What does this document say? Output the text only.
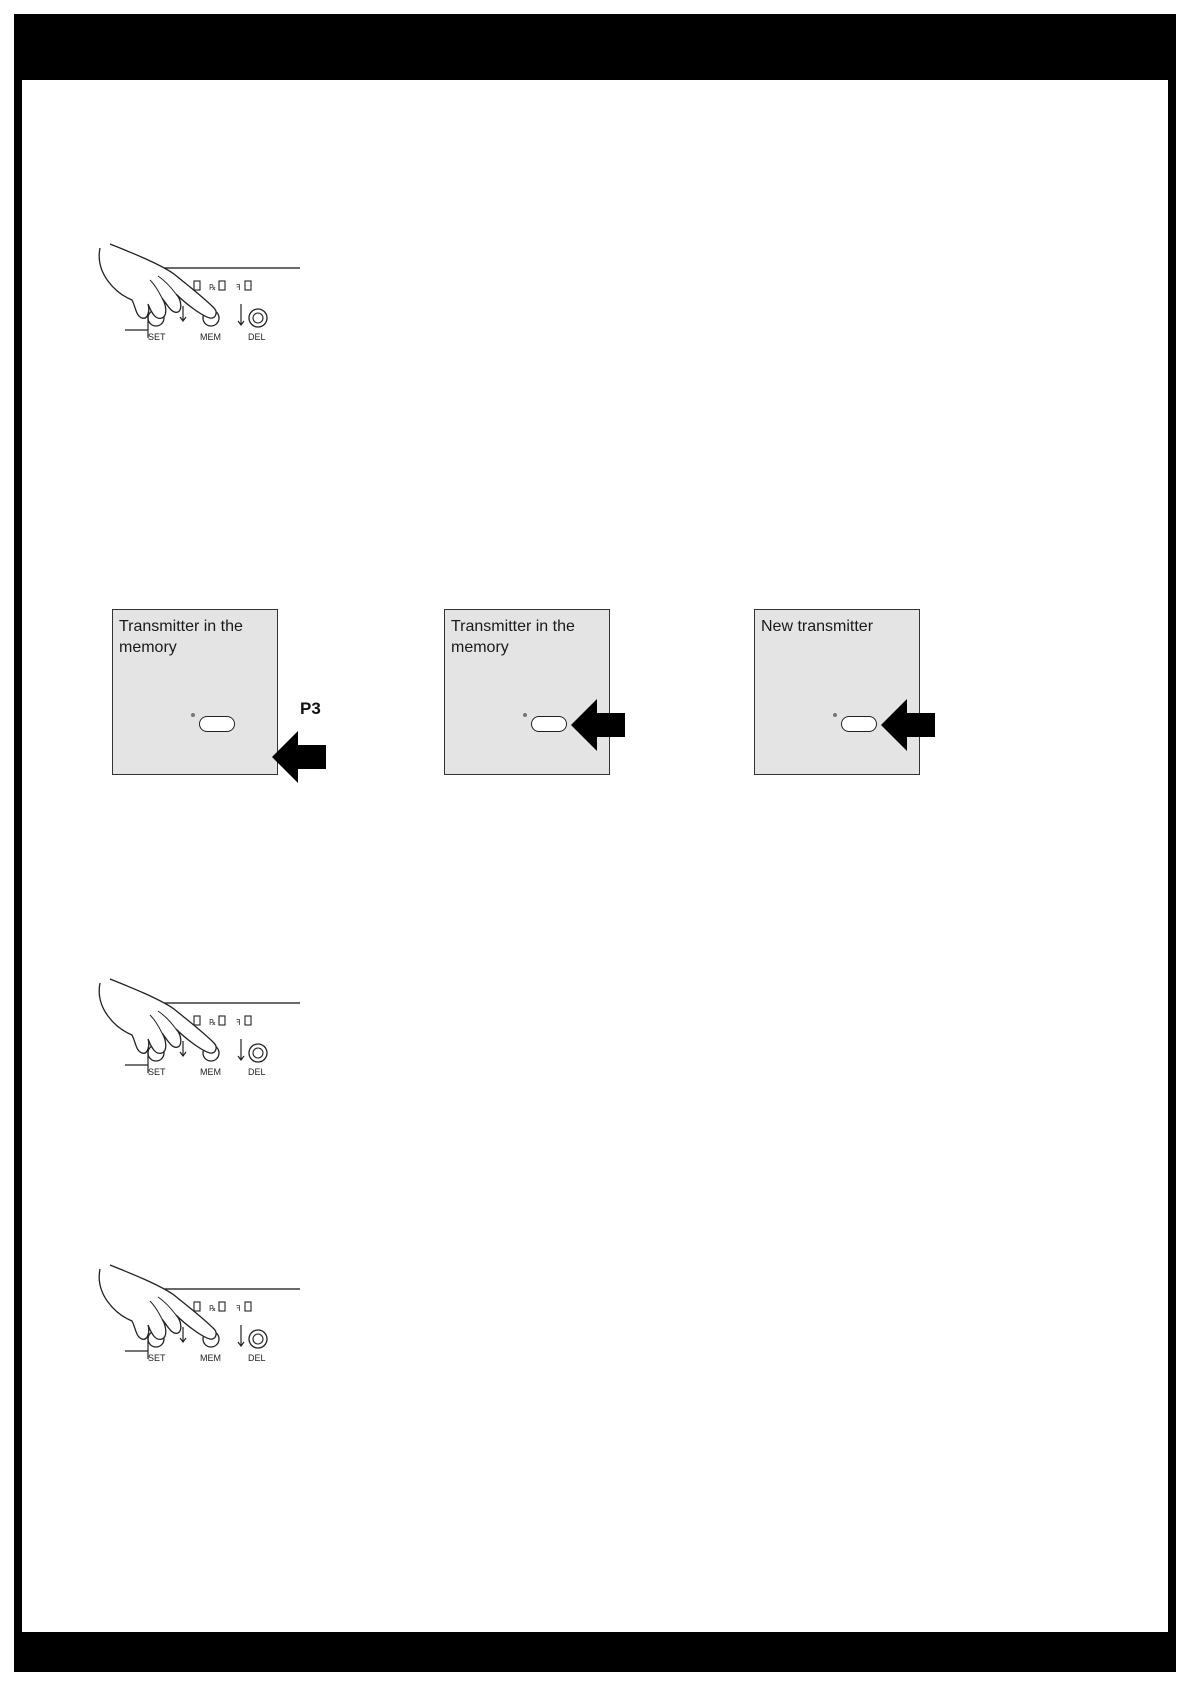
℞ ꟻ
SET	MEM	DEL
Transmitter in the memory
P3
Transmitter in the memory
New transmitter
℞ ꟻ
SET	MEM	DEL
℞ ꟻ
SET	MEM	DEL
